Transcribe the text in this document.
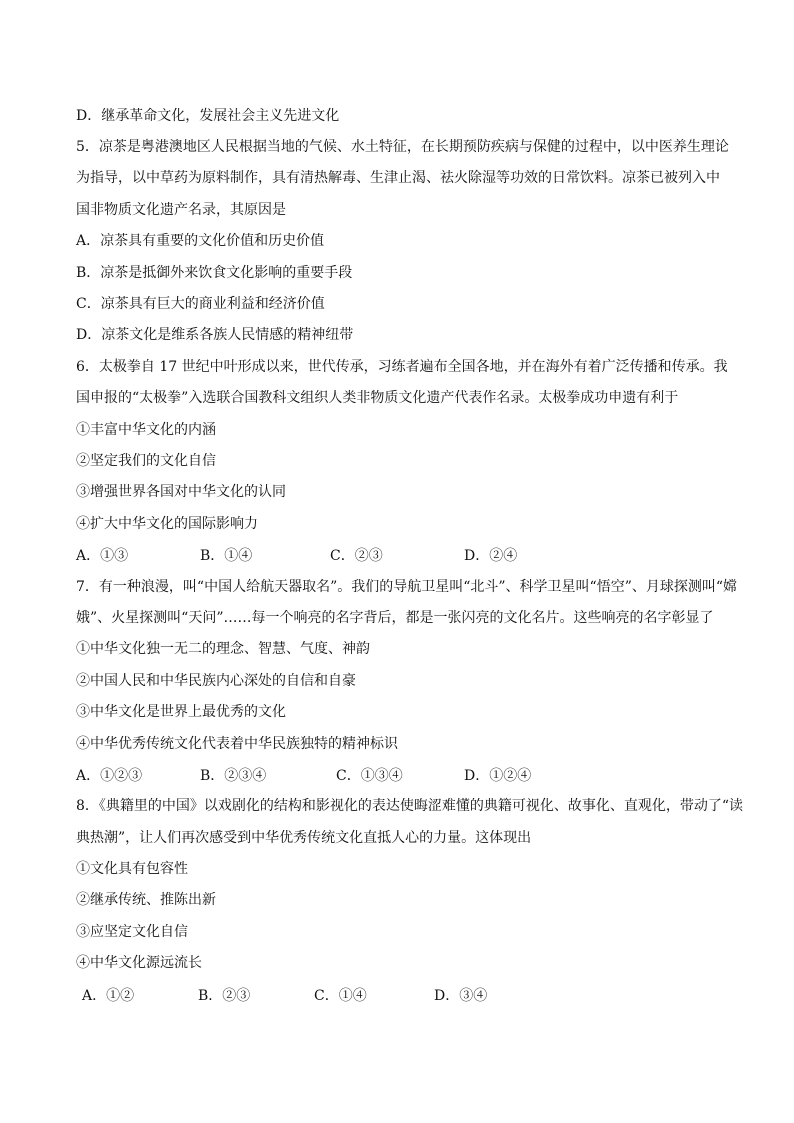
D．继承革命文化，发展社会主义先进文化
5．凉茶是粤港澳地区人民根据当地的气候、水土特征，在长期预防疾病与保健的过程中，以中医养生理论
为指导，以中草药为原料制作，具有清热解毒、生津止渴、祛火除湿等功效的日常饮料。凉茶已被列入中
国非物质文化遗产名录，其原因是
A．凉茶具有重要的文化价值和历史价值
B．凉茶是抵御外来饮食文化影响的重要手段
C．凉茶具有巨大的商业利益和经济价值
D．凉茶文化是维系各族人民情感的精神纽带
6．太极拳自 17 世纪中叶形成以来，世代传承，习练者遍布全国各地，并在海外有着广泛传播和传承。我
国申报的“太极拳”入选联合国教科文组织人类非物质文化遗产代表作名录。太极拳成功申遗有利于
①丰富中华文化的内涵
②坚定我们的文化自信
③增强世界各国对中华文化的认同
④扩大中华文化的国际影响力
A．①③	B．①④	C．②③	D．②④
7．有一种浪漫，叫“中国人给航天器取名”。我们的导航卫星叫“北斗”、科学卫星叫“悟空”、月球探测叫“嫦
娥”、火星探测叫“天问”……每一个响亮的名字背后，都是一张闪亮的文化名片。这些响亮的名字彰显了
①中华文化独一无二的理念、智慧、气度、神韵
②中国人民和中华民族内心深处的自信和自豪
③中华文化是世界上最优秀的文化
④中华优秀传统文化代表着中华民族独特的精神标识
A．①②③	B．②③④	C．①③④	D．①②④
8．《典籍里的中国》以戏剧化的结构和影视化的表达使晦涩难懂的典籍可视化、故事化、直观化，带动了“读
典热潮”，让人们再次感受到中华优秀传统文化直抵人心的力量。这体现出
①文化具有包容性
②继承传统、推陈出新
③应坚定文化自信
④中华文化源远流长
A．①②	B．②③	C．①④	D．③④
